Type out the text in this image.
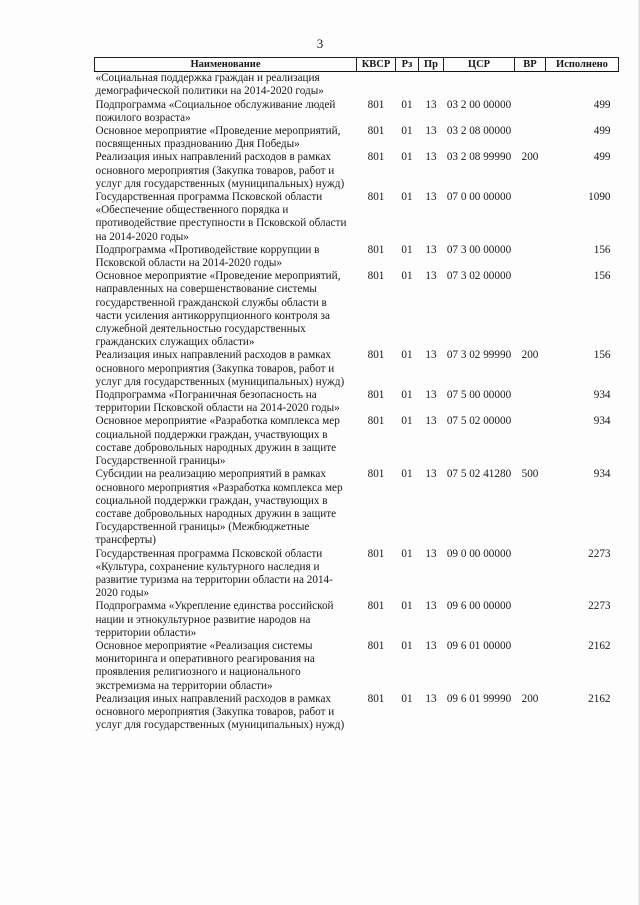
3
Наименование	КВСР	Рз	Пр	ЦСР	ВР	Исполнено
«Социальная поддержка граждан и реализация демографической политики на 2014-2020 годы»						
Подпрограмма «Социальное обслуживание людей пожилого возраста»	801	01	13	03 2 00 00000		499
Основное мероприятие «Проведение мероприятий, посвященных празднованию Дня Победы»	801	01	13	03 2 08 00000		499
Реализация иных направлений расходов в рамках основного мероприятия (Закупка товаров, работ и услуг для государственных (муниципальных) нужд)	801	01	13	03 2 08 99990	200	499
Государственная программа Псковской области «Обеспечение общественного порядка и противодействие преступности в Псковской области на 2014-2020 годы»	801	01	13	07 0 00 00000		1090
Подпрограмма «Противодействие коррупции в Псковской области на 2014-2020 годы»	801	01	13	07 3 00 00000		156
Основное мероприятие «Проведение мероприятий, направленных на совершенствование системы государственной гражданской службы области в части усиления антикоррупционного контроля за служебной деятельностью государственных гражданских служащих области»	801	01	13	07 3 02 00000		156
Реализация иных направлений расходов в рамках основного мероприятия (Закупка товаров, работ и услуг для государственных (муниципальных) нужд)	801	01	13	07 3 02 99990	200	156
Подпрограмма «Пограничная безопасность на территории Псковской области на 2014-2020 годы»	801	01	13	07 5 00 00000		934
Основное мероприятие «Разработка комплекса мер социальной поддержки граждан, участвующих в составе добровольных народных дружин в защите Государственной границы»	801	01	13	07 5 02 00000		934
Субсидии на реализацию мероприятий в рамках основного мероприятия «Разработка комплекса мер социальной поддержки граждан, участвующих в составе добровольных народных дружин в защите Государственной границы» (Межбюджетные трансферты)	801	01	13	07 5 02 41280	500	934
Государственная программа Псковской области «Культура, сохранение культурного наследия и развитие туризма на территории области на 2014-2020 годы»	801	01	13	09 0 00 00000		2273
Подпрограмма «Укрепление единства российской нации и этнокультурное развитие народов на территории области»	801	01	13	09 6 00 00000		2273
Основное мероприятие «Реализация системы мониторинга и оперативного реагирования на проявления религиозного и национального экстремизма на территории области»	801	01	13	09 6 01 00000		2162
Реализация иных направлений расходов в рамках основного мероприятия (Закупка товаров, работ и услуг для государственных (муниципальных) нужд)	801	01	13	09 6 01 99990	200	2162
